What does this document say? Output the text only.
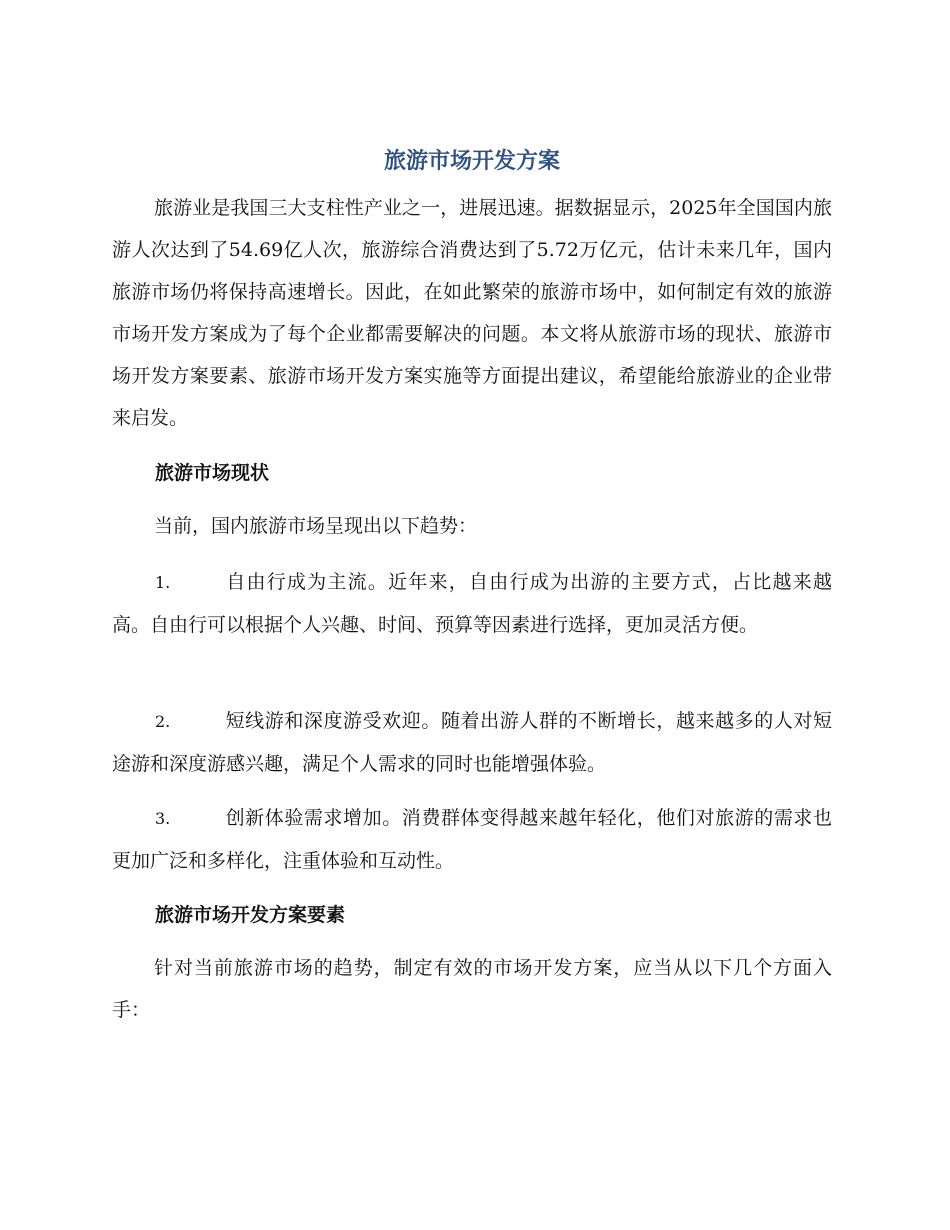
旅游市场开发方案

旅游业是我国三大支柱性产业之一，进展迅速。据数据显示，2025年全国国内旅游人次达到了54.69亿人次，旅游综合消费达到了5.72万亿元，估计未来几年，国内旅游市场仍将保持高速增长。因此，在如此繁荣的旅游市场中，如何制定有效的旅游市场开发方案成为了每个企业都需要解决的问题。本文将从旅游市场的现状、旅游市场开发方案要素、旅游市场开发方案实施等方面提出建议，希望能给旅游业的企业带来启发。

旅游市场现状

当前，国内旅游市场呈现出以下趋势：

1.	自由行成为主流。近年来，自由行成为出游的主要方式，占比越来越高。自由行可以根据个人兴趣、时间、预算等因素进行选择，更加灵活方便。

2.	短线游和深度游受欢迎。随着出游人群的不断增长，越来越多的人对短途游和深度游感兴趣，满足个人需求的同时也能增强体验。

3.	创新体验需求增加。消费群体变得越来越年轻化，他们对旅游的需求也更加广泛和多样化，注重体验和互动性。

旅游市场开发方案要素

针对当前旅游市场的趋势，制定有效的市场开发方案，应当从以下几个方面入手：
